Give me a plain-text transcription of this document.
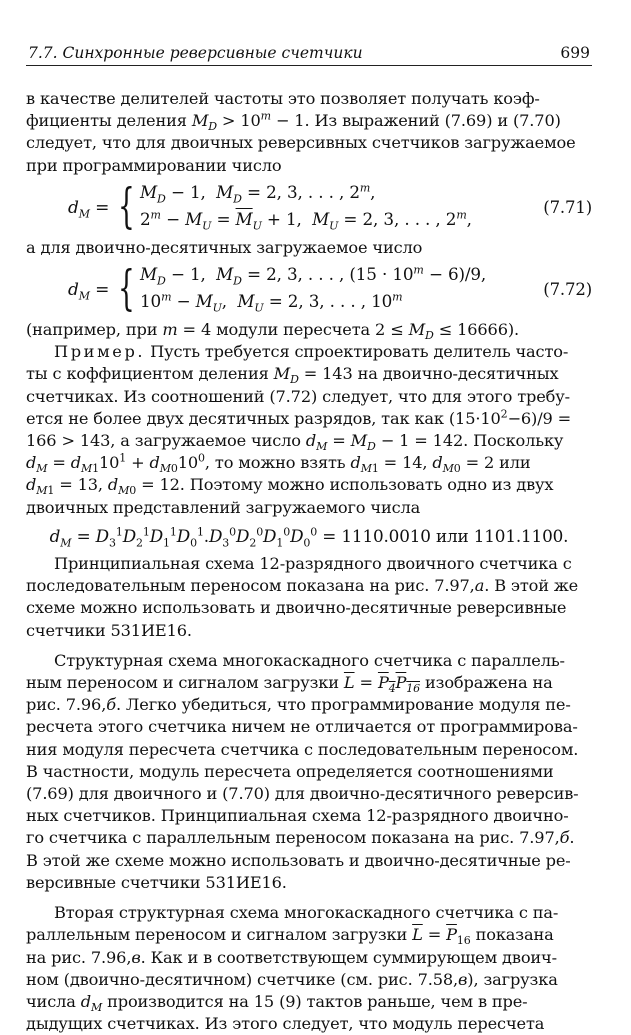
7.7. Синхронные реверсивные счетчики	699

в качестве делителей частоты это позволяет получать коэф-

фициенты деления $M_D > 10^m - 1$. Из выражений (7.69) и (7.70)

следует, что для двоичных реверсивных счетчиков загружаемое

при программировании число

$d_M$ = { $M_D - 1$,  $M_D = 2$, 3, . . . , 2$^m$,
$2^m - M_U = \overline{M}_U + 1$,  $M_U = 2$, 3, . . . , 2$^m$,
(7.71)

а для двоично-десятичных загружаемое число

$d_M$ = { $M_D - 1$,  $M_D = 2$, 3, . . . , $(15 \cdot 10^m - 6)/9$,
$10^m - M_U$,  $M_U = 2$, 3, . . . , 10$^m$	(7.72)

(например, при m = 4 модули пересчета $2 \le M_D \le 16666$).

Пример. Пусть требуется спроектировать делитель часто-

ты с коффициентом деления $M_D = 143$ на двоично-десятичных

счетчиках. Из соотношений (7.72) следует, что для этого требу-

ется не более двух десятичных разрядов, так как $(15\cdot 10^2-6)/9$ =

166 > 143, а загружаемое число $d_M = M_D - 1 = 142$. Поскольку

$d_M = d_{M1}10^1 + d_{M0}10^0$, то можно взять $d_{M1} = 14$, $d_{M0} = 2$ или

$d_{M1} = 13$, $d_{M0} = 12$. Поэтому можно использовать одно из двух

двоичных представлений загружаемого числа

$d_M = D_3^1D_2^1D_1^1D_0^1.D_3^0D_2^0D_1^0D_0^0 = 1110.0010$ или 1101.1100.

Принципиальная схема 12-разрядного двоичного счетчика с

последовательным переносом показана на рис. 7.97,а. В этой же

схеме можно использовать и двоично-десятичные реверсивные

счетчики 531ИЕ16.

Структурная схема многокаскадного счетчика с параллель-

ным переносом и сигналом загрузки $\overline{L} = P_4P_{16}$ изображена на

рис. 7.96,б. Легко убедиться, что программирование модуля пе-

ресчета этого счетчика ничем не отличается от программирова-

ния модуля пересчета счетчика с последовательным переносом.

В частности, модуль пересчета определяется соотношениями

(7.69) для двоичного и (7.70) для двоично-десятичного реверсив-

ных счетчиков. Принципиальная схема 12-разрядного двоично-

го счетчика с параллельным переносом показана на рис. 7.97,б.

В этой же схеме можно использовать и двоично-десятичные ре-

версивные счетчики 531ИЕ16.

Вторая структурная схема многокаскадного счетчика с па-

раллельным переносом и сигналом загрузки $\overline{L} = \overline{P}_{16}$ показана

на рис. 7.96,в. Как и в соответствующем суммирующем двоич-

ном (двоично-десятичном) счетчике (см. рис. 7.58,в), загрузка

числа $d_M$ производится на 15 (9) тактов раньше, чем в пре-

дыдущих счетчиках. Из этого следует, что модуль пересчета
